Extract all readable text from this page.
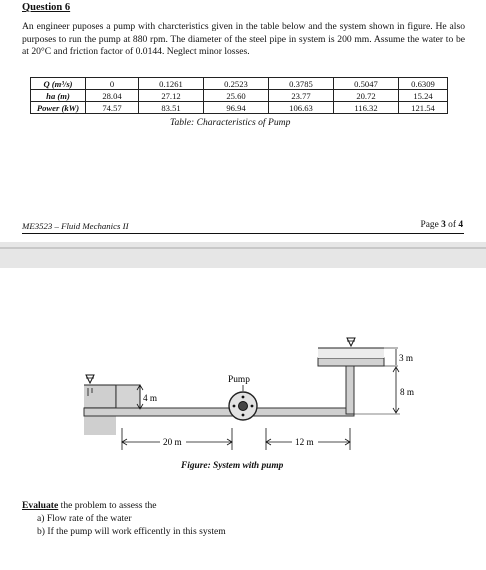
Question 6
An engineer puposes a pump with charcteristics given in the table below and the system shown in figure. He also purposes to run the pump at 880 rpm. The diameter of the steel pipe in system is 200 mm. Assume the water to be at 20°C and friction factor of 0.0144. Neglect minor losses.
Q (m³/s)	0	0.1261	0.2523	0.3785	0.5047	0.6309
ha (m)	28.04	27.12	25.60	23.77	20.72	15.24
Power (kW)	74.57	83.51	96.94	106.63	116.32	121.54
Table: Characteristics of Pump
ME3523 – Fluid Mechanics II	Page 3 of 4
4 m
Pump
3 m
8 m
20 m	12 m
Figure: System with pump
Evaluate the problem to assess the
a) Flow rate of the water
b) If the pump will work efficently in this system
